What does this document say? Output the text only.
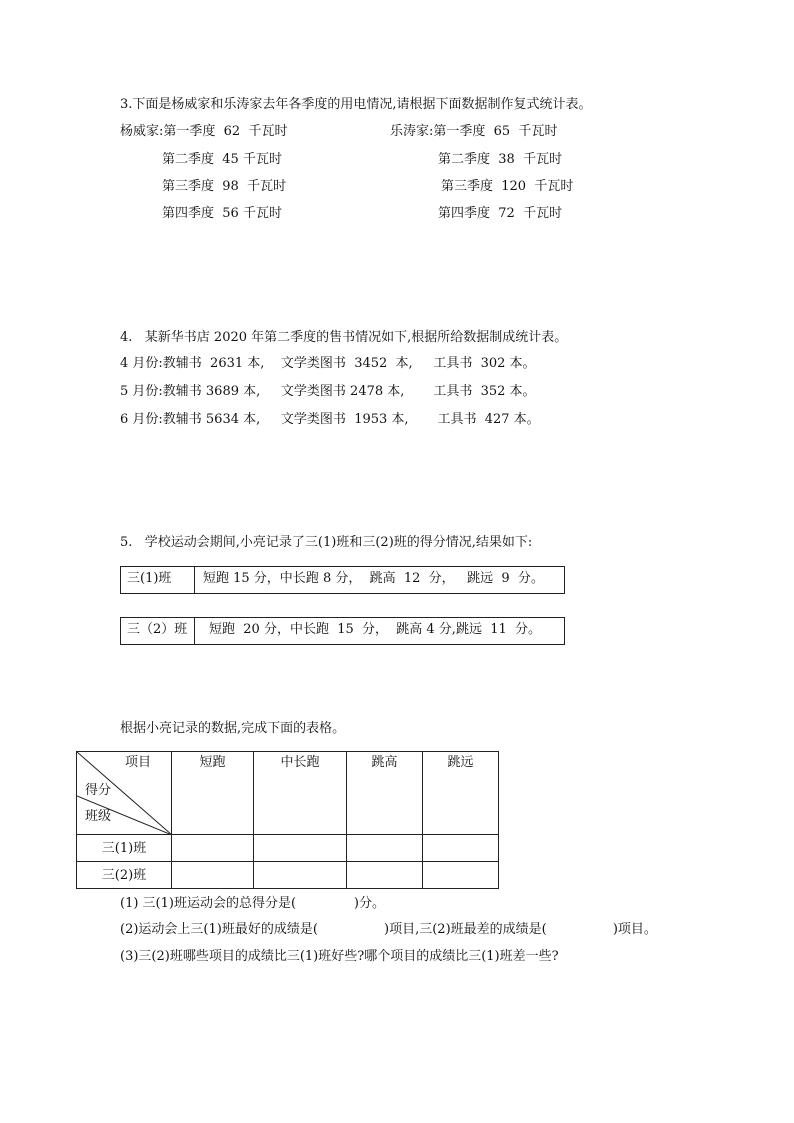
3.下面是杨威家和乐涛家去年各季度的用电情况,请根据下面数据制作复式统计表。
杨威家:第一季度  62  千瓦时
第二季度  45 千瓦时
第三季度  98  千瓦时
第四季度  56 千瓦时
乐涛家:第一季度  65  千瓦时
第二季度  38  千瓦时
第三季度  120  千瓦时
第四季度  72  千瓦时
4.   某新华书店 2020 年第二季度的售书情况如下,根据所给数据制成统计表。
4 月份:教辅书  2631 本,    文学类图书  3452  本,     工具书  302 本。
5 月份:教辅书 3689 本,     文学类图书 2478 本,       工具书  352 本。
6 月份:教辅书 5634 本,     文学类图书  1953 本,       工具书  427 本。
5.   学校运动会期间,小亮记录了三(1)班和三(2)班的得分情况,结果如下:
三(1)班 短跑 15 分，中长跑 8 分，  跳高  12  分，   跳远  9  分。
三（2）班 短跑  20 分，中长跑  15  分，  跳高 4 分,跳远  11  分。
根据小亮记录的数据,完成下面的表格。
项目
得分
班级	短跑	中长跑	跳高	跳远
三(1)班				
三(2)班				
(1) 三(1)班运动会的总得分是(              )分。
(2)运动会上三(1)班最好的成绩是(                )项目,三(2)班最差的成绩是(                )项目。
(3)三(2)班哪些项目的成绩比三(1)班好些?哪个项目的成绩比三(1)班差一些?
